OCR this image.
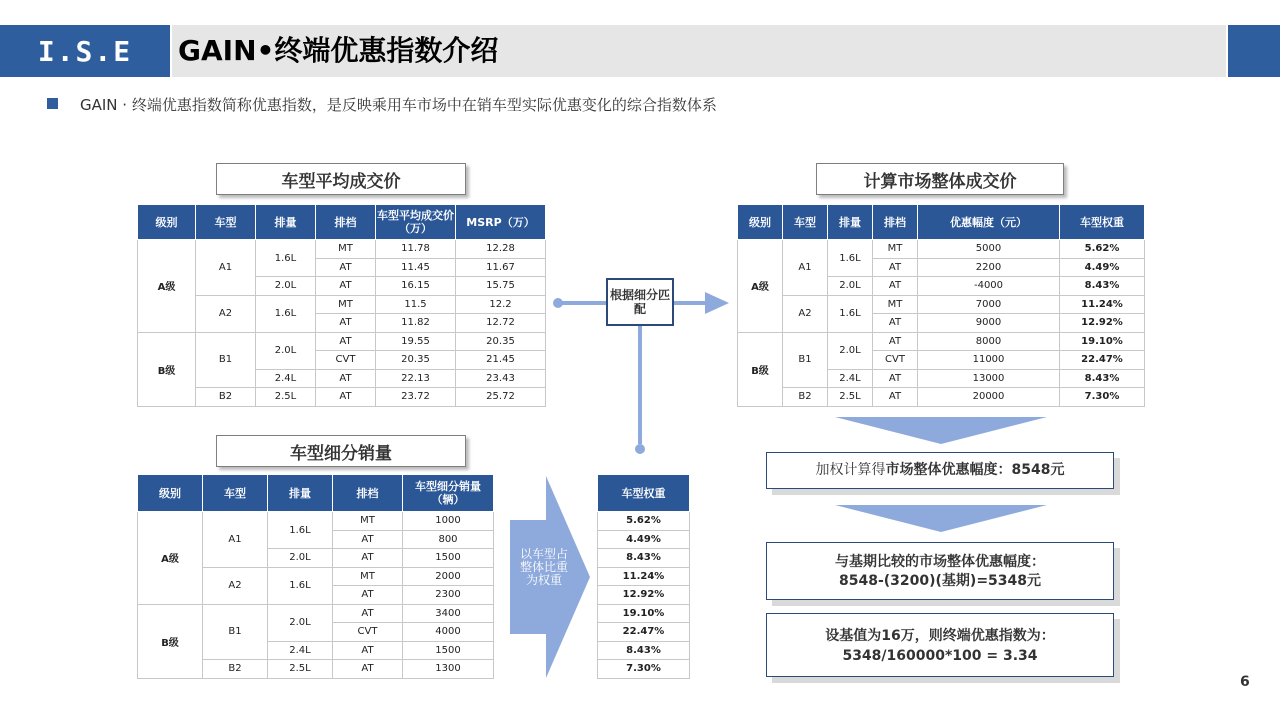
I.S.E	GAIN•终端优惠指数介绍
GAIN · 终端优惠指数简称优惠指数，是反映乘用车市场中在销车型实际优惠变化的综合指数体系
车型平均成交价	计算市场整体成交价
车型细分销量
级别	车型	排量	排档	车型平均成交价（万）	MSRP（万）
A级	A1	1.6L	MT	11.78	12.28
			AT	11.45	11.67
		2.0L	AT	16.15	15.75
	A2	1.6L	MT	11.5	12.2
			AT	11.82	12.72
B级	B1	2.0L	AT	19.55	20.35
			CVT	20.35	21.45
		2.4L	AT	22.13	23.43
	B2	2.5L	AT	23.72	25.72
级别	车型	排量	排档	优惠幅度（元）	车型权重
A级	A1	1.6L	MT	5000	5.62%
			AT	2200	4.49%
		2.0L	AT	-4000	8.43%
	A2	1.6L	MT	7000	11.24%
			AT	9000	12.92%
B级	B1	2.0L	AT	8000	19.10%
			CVT	11000	22.47%
		2.4L	AT	13000	8.43%
	B2	2.5L	AT	20000	7.30%
级别	车型	排量	排档	车型细分销量（辆）
A级	A1	1.6L	MT	1000
			AT	800
		2.0L	AT	1500
	A2	1.6L	MT	2000
			AT	2300
B级	B1	2.0L	AT	3400
			CVT	4000
		2.4L	AT	1500
	B2	2.5L	AT	1300
车型权重
5.62%
4.49%
8.43%
11.24%
12.92%
19.10%
22.47%
8.43%
7.30%
以车型占整体比重为权重
根据细分匹配
加权计算得市场整体优惠幅度：8548元
与基期比较的市场整体优惠幅度：
8548-(3200)(基期)=5348元
设基值为16万，则终端优惠指数为：
5348/160000*100 = 3.34
6
